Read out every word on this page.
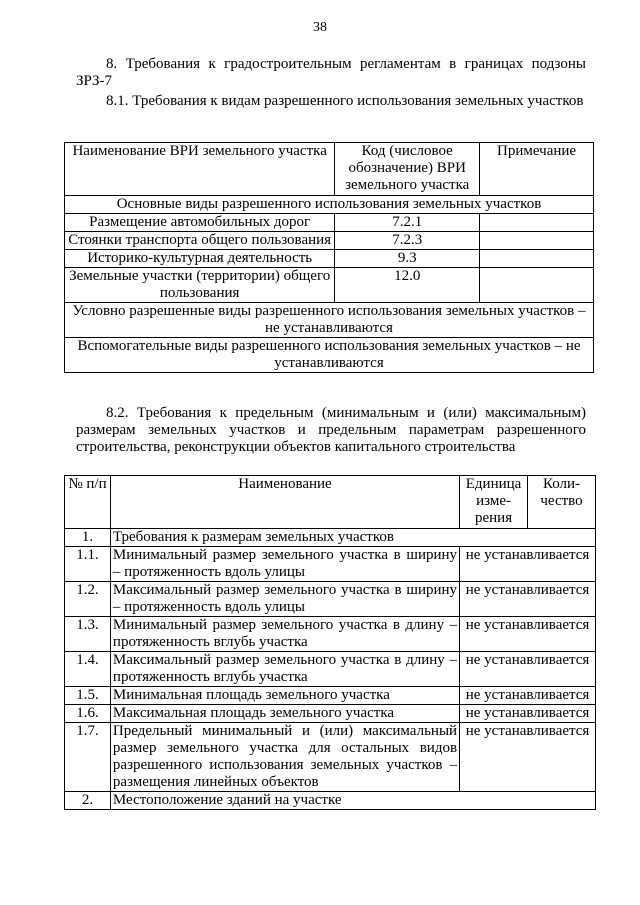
38
8. Требования к градостроительным регламентам в границах подзоны ЗРЗ-7
8.1. Требования к видам разрешенного использования земельных участков
Наименование ВРИ земельного участка	Код (числовое обозначение) ВРИ земельного участка	Примечание
Основные виды разрешенного использования земельных участков		
Размещение автомобильных дорог	7.2.1	
Стоянки транспорта общего пользования	7.2.3	
Историко-культурная деятельность	9.3	
Земельные участки (территории) общего пользования	12.0	
Условно разрешенные виды разрешенного использования земельных участков – не устанавливаются		
Вспомогательные виды разрешенного использования земельных участков – не устанавливаются		
8.2. Требования к предельным (минимальным и (или) максимальным) размерам земельных участков и предельным параметрам разрешенного строительства, реконструкции объектов капитального строительства
№ п/п	Наименование	Единица изме-рения	Коли-чество
1.	Требования к размерам земельных участков		
1.1.	Минимальный размер земельного участка в ширину – протяженность вдоль улицы	не устанавливается	
1.2.	Максимальный размер земельного участка в ширину – протяженность вдоль улицы	не устанавливается	
1.3.	Минимальный размер земельного участка в длину – протяженность вглубь участка	не устанавливается	
1.4.	Максимальный размер земельного участка в длину – протяженность вглубь участка	не устанавливается	
1.5.	Минимальная площадь земельного участка	не устанавливается	
1.6.	Максимальная площадь земельного участка	не устанавливается	
1.7.	Предельный минимальный и (или) максимальный размер земельного участка для остальных видов разрешенного использования земельных участков – размещения линейных объектов	не устанавливается	
2.	Местоположение зданий на участке		
